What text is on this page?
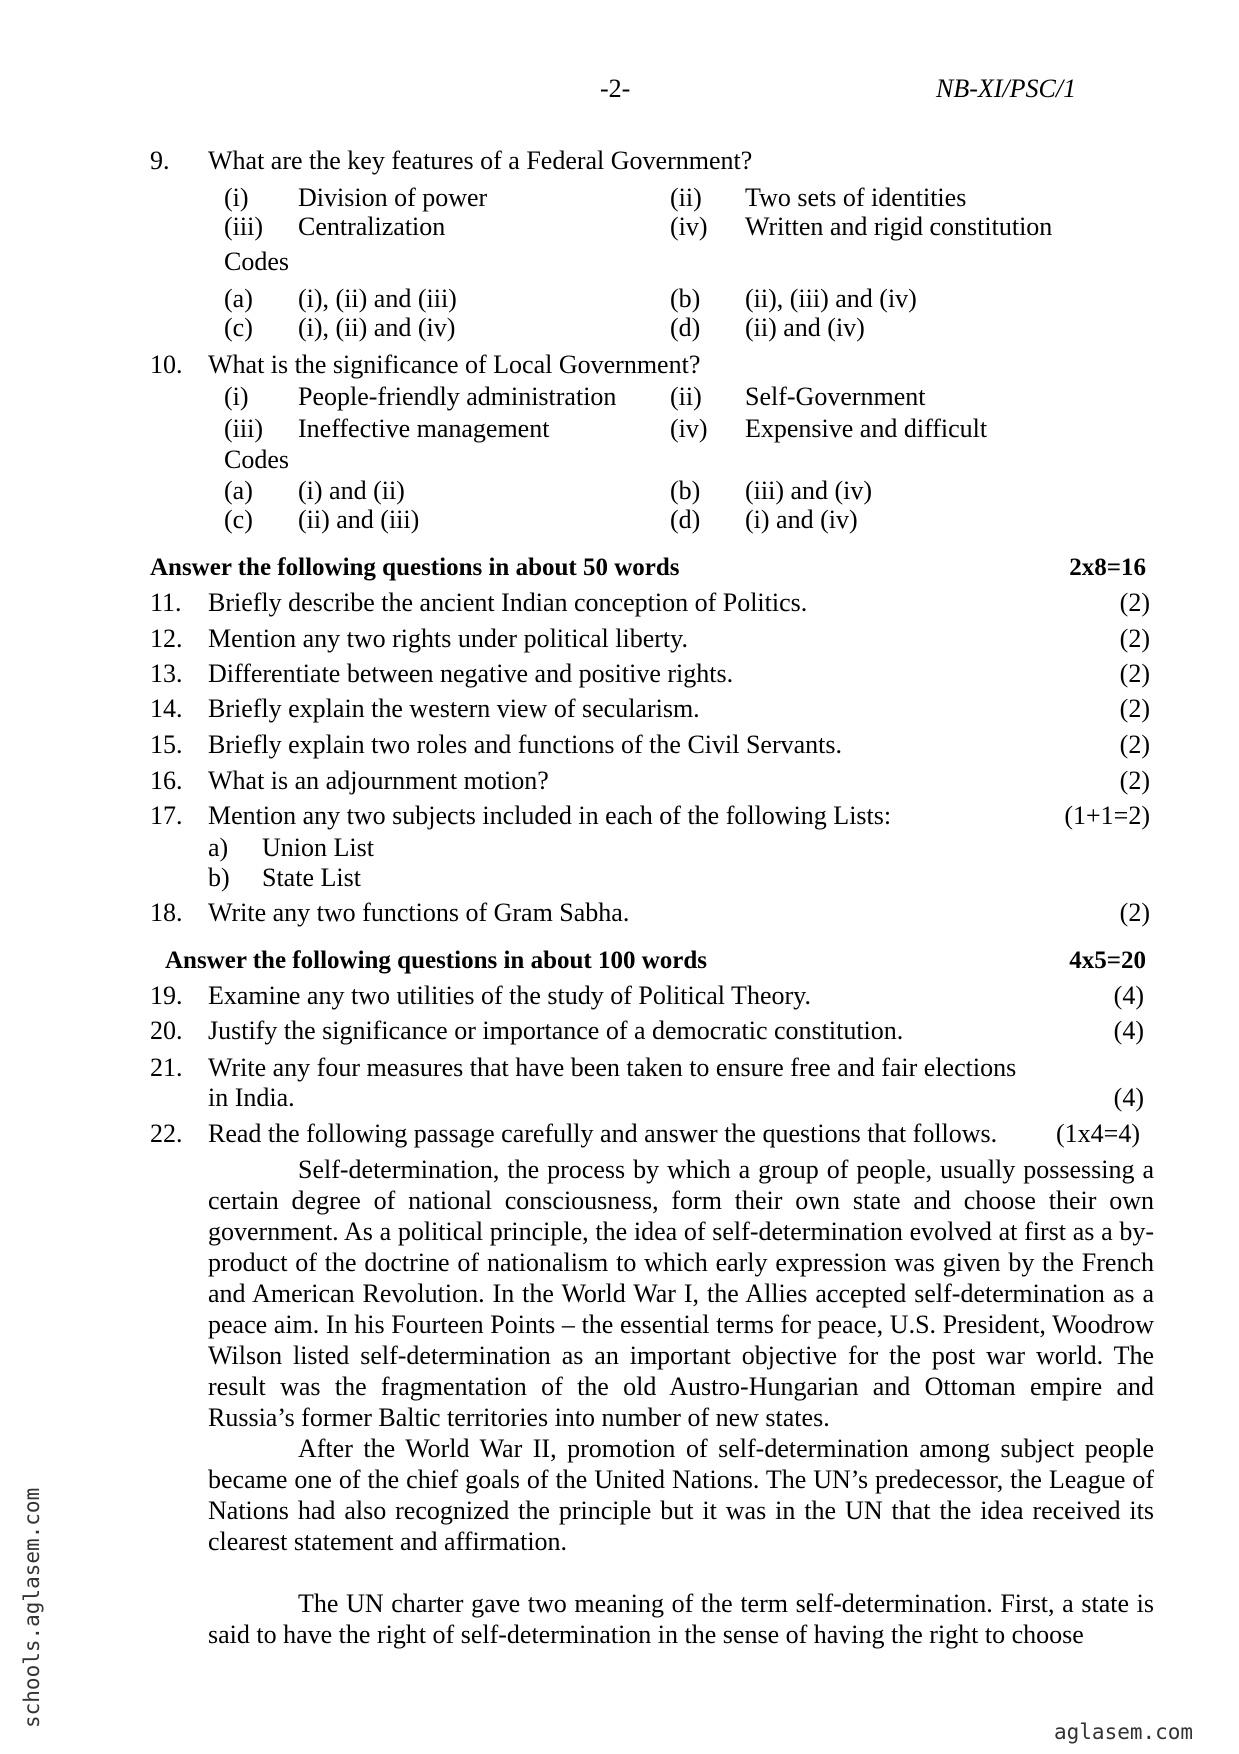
-2-	NB-XI/PSC/1
9. What are the key features of a Federal Government?
(i) Division of power	(ii) Two sets of identities
(iii) Centralization	(iv) Written and rigid constitution
Codes
(a) (i), (ii) and (iii)	(b) (ii), (iii) and (iv)
(c) (i), (ii) and (iv)	(d) (ii) and (iv)
10. What is the significance of Local Government?
(i) People-friendly administration (ii) Self-Government
(iii) Ineffective management	(iv) Expensive and difficult
Codes
(a) (i) and (ii)	(b) (iii) and (iv)
(c) (ii) and (iii)	(d) (i) and (iv)
Answer the following questions in about 50 words	2x8=16
11. Briefly describe the ancient Indian conception of Politics.	(2)
12. Mention any two rights under political liberty.	(2)
13. Differentiate between negative and positive rights.	(2)
14. Briefly explain the western view of secularism.	(2)
15. Briefly explain two roles and functions of the Civil Servants.	(2)
16. What is an adjournment motion?	(2)
17. Mention any two subjects included in each of the following Lists:	(1+1=2)
a) Union List
b) State List
18. Write any two functions of Gram Sabha.	(2)
Answer the following questions in about 100 words	4x5=20
19. Examine any two utilities of the study of Political Theory.	(4)
20. Justify the significance or importance of a democratic constitution.	(4)
21. Write any four measures that have been taken to ensure free and fair elections
in India.	(4)
22. Read the following passage carefully and answer the questions that follows.	(1x4=4)
Self-determination, the process by which a group of people, usually possessing a certain degree of national consciousness, form their own state and choose their own government. As a political principle, the idea of self-determination evolved at first as a by-product of the doctrine of nationalism to which early expression was given by the French and American Revolution. In the World War I, the Allies accepted self-determination as a peace aim. In his Fourteen Points – the essential terms for peace, U.S. President, Woodrow Wilson listed self-determination as an important objective for the post war world. The result was the fragmentation of the old Austro-Hungarian and Ottoman empire and Russia’s former Baltic territories into number of new states.
After the World War II, promotion of self-determination among subject people became one of the chief goals of the United Nations. The UN’s predecessor, the League of Nations had also recognized the principle but it was in the UN that the idea received its clearest statement and affirmation.
The UN charter gave two meaning of the term self-determination. First, a state is said to have the right of self-determination in the sense of having the right to choose
schools.aglasem.com
aglasem.com
